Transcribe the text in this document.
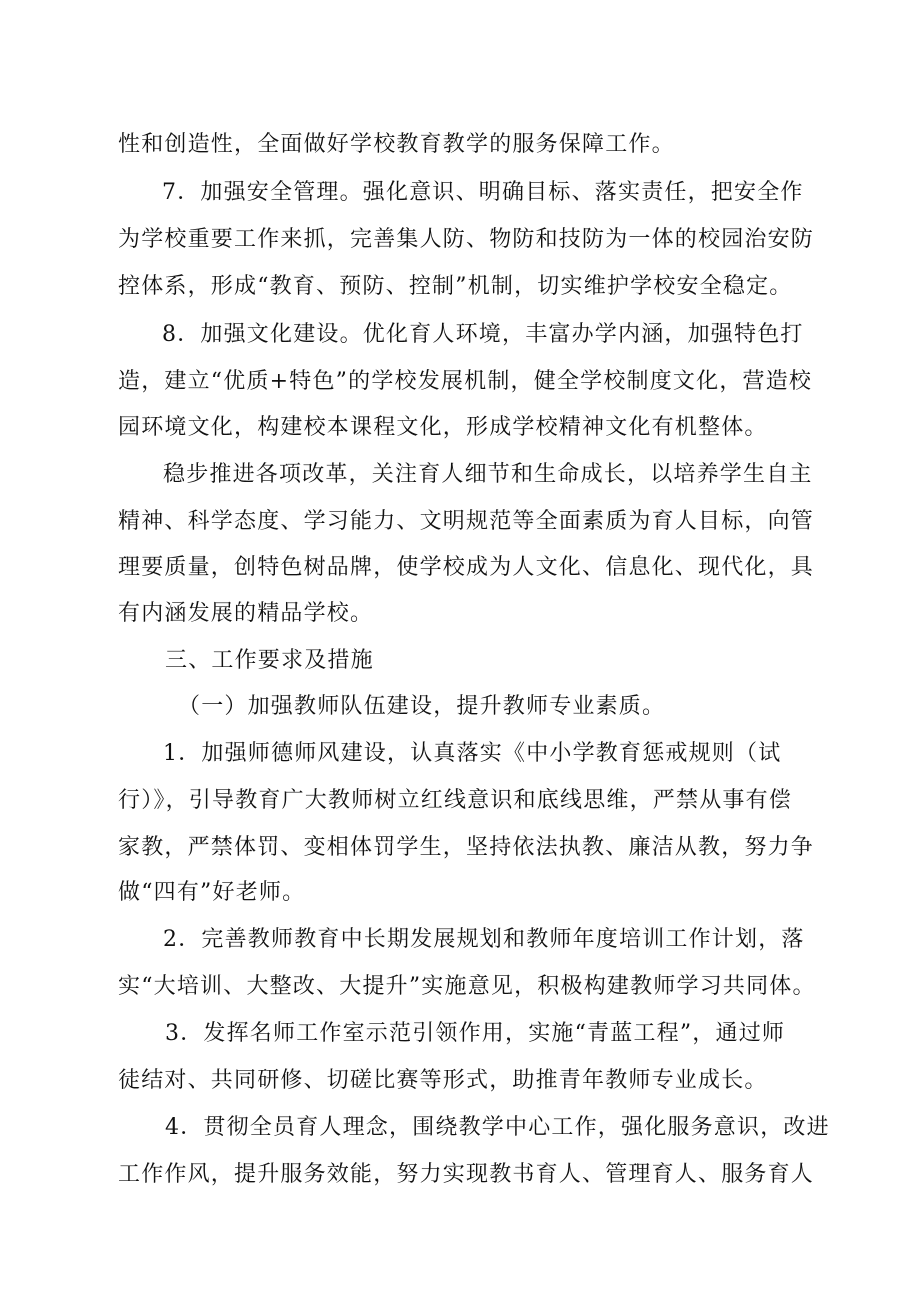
性和创造性，全面做好学校教育教学的服务保障工作。
7．加强安全管理。强化意识、明确目标、落实责任，把安全作
为学校重要工作来抓，完善集人防、物防和技防为一体的校园治安防
控体系，形成“教育、预防、控制”机制，切实维护学校安全稳定。
8．加强文化建设。优化育人环境，丰富办学内涵，加强特色打
造，建立“优质+特色”的学校发展机制，健全学校制度文化，营造校
园环境文化，构建校本课程文化，形成学校精神文化有机整体。
稳步推进各项改革，关注育人细节和生命成长，以培养学生自主
精神、科学态度、学习能力、文明规范等全面素质为育人目标，向管
理要质量，创特色树品牌，使学校成为人文化、信息化、现代化，具
有内涵发展的精品学校。
三、工作要求及措施
（一）加强教师队伍建设，提升教师专业素质。
1．加强师德师风建设，认真落实《中小学教育惩戒规则（试
行）》，引导教育广大教师树立红线意识和底线思维，严禁从事有偿
家教，严禁体罚、变相体罚学生，坚持依法执教、廉洁从教，努力争
做“四有”好老师。
2．完善教师教育中长期发展规划和教师年度培训工作计划，落
实“大培训、大整改、大提升”实施意见，积极构建教师学习共同体。
3．发挥名师工作室示范引领作用，实施“青蓝工程”，通过师
徒结对、共同研修、切磋比赛等形式，助推青年教师专业成长。
4．贯彻全员育人理念，围绕教学中心工作，强化服务意识，改进
工作作风，提升服务效能，努力实现教书育人、管理育人、服务育人
